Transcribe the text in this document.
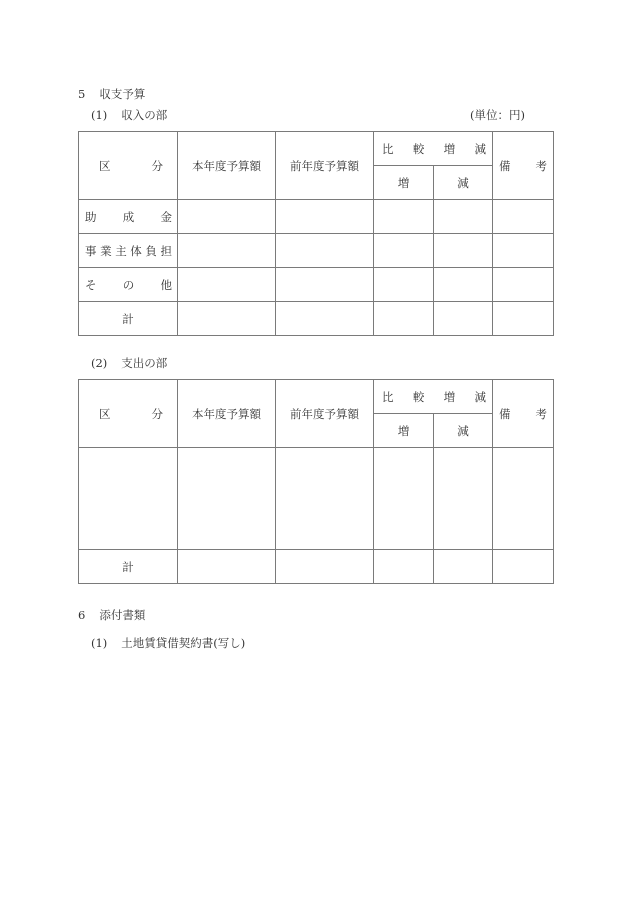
5 収支予算
(1) 収入の部	(単位：円)
区 分	本年度予算額	前年度予算額	比 較 増 減		備 考

			増	減	

助 成 金					

事 業 主 体 負 担

そ の 他					

計					
(2) 支出の部
区 分	本年度予算額	前年度予算額	比 較 増 減		備 考

			増	減	

計					
6 添付書類
(1) 土地賃貸借契約書(写し)
